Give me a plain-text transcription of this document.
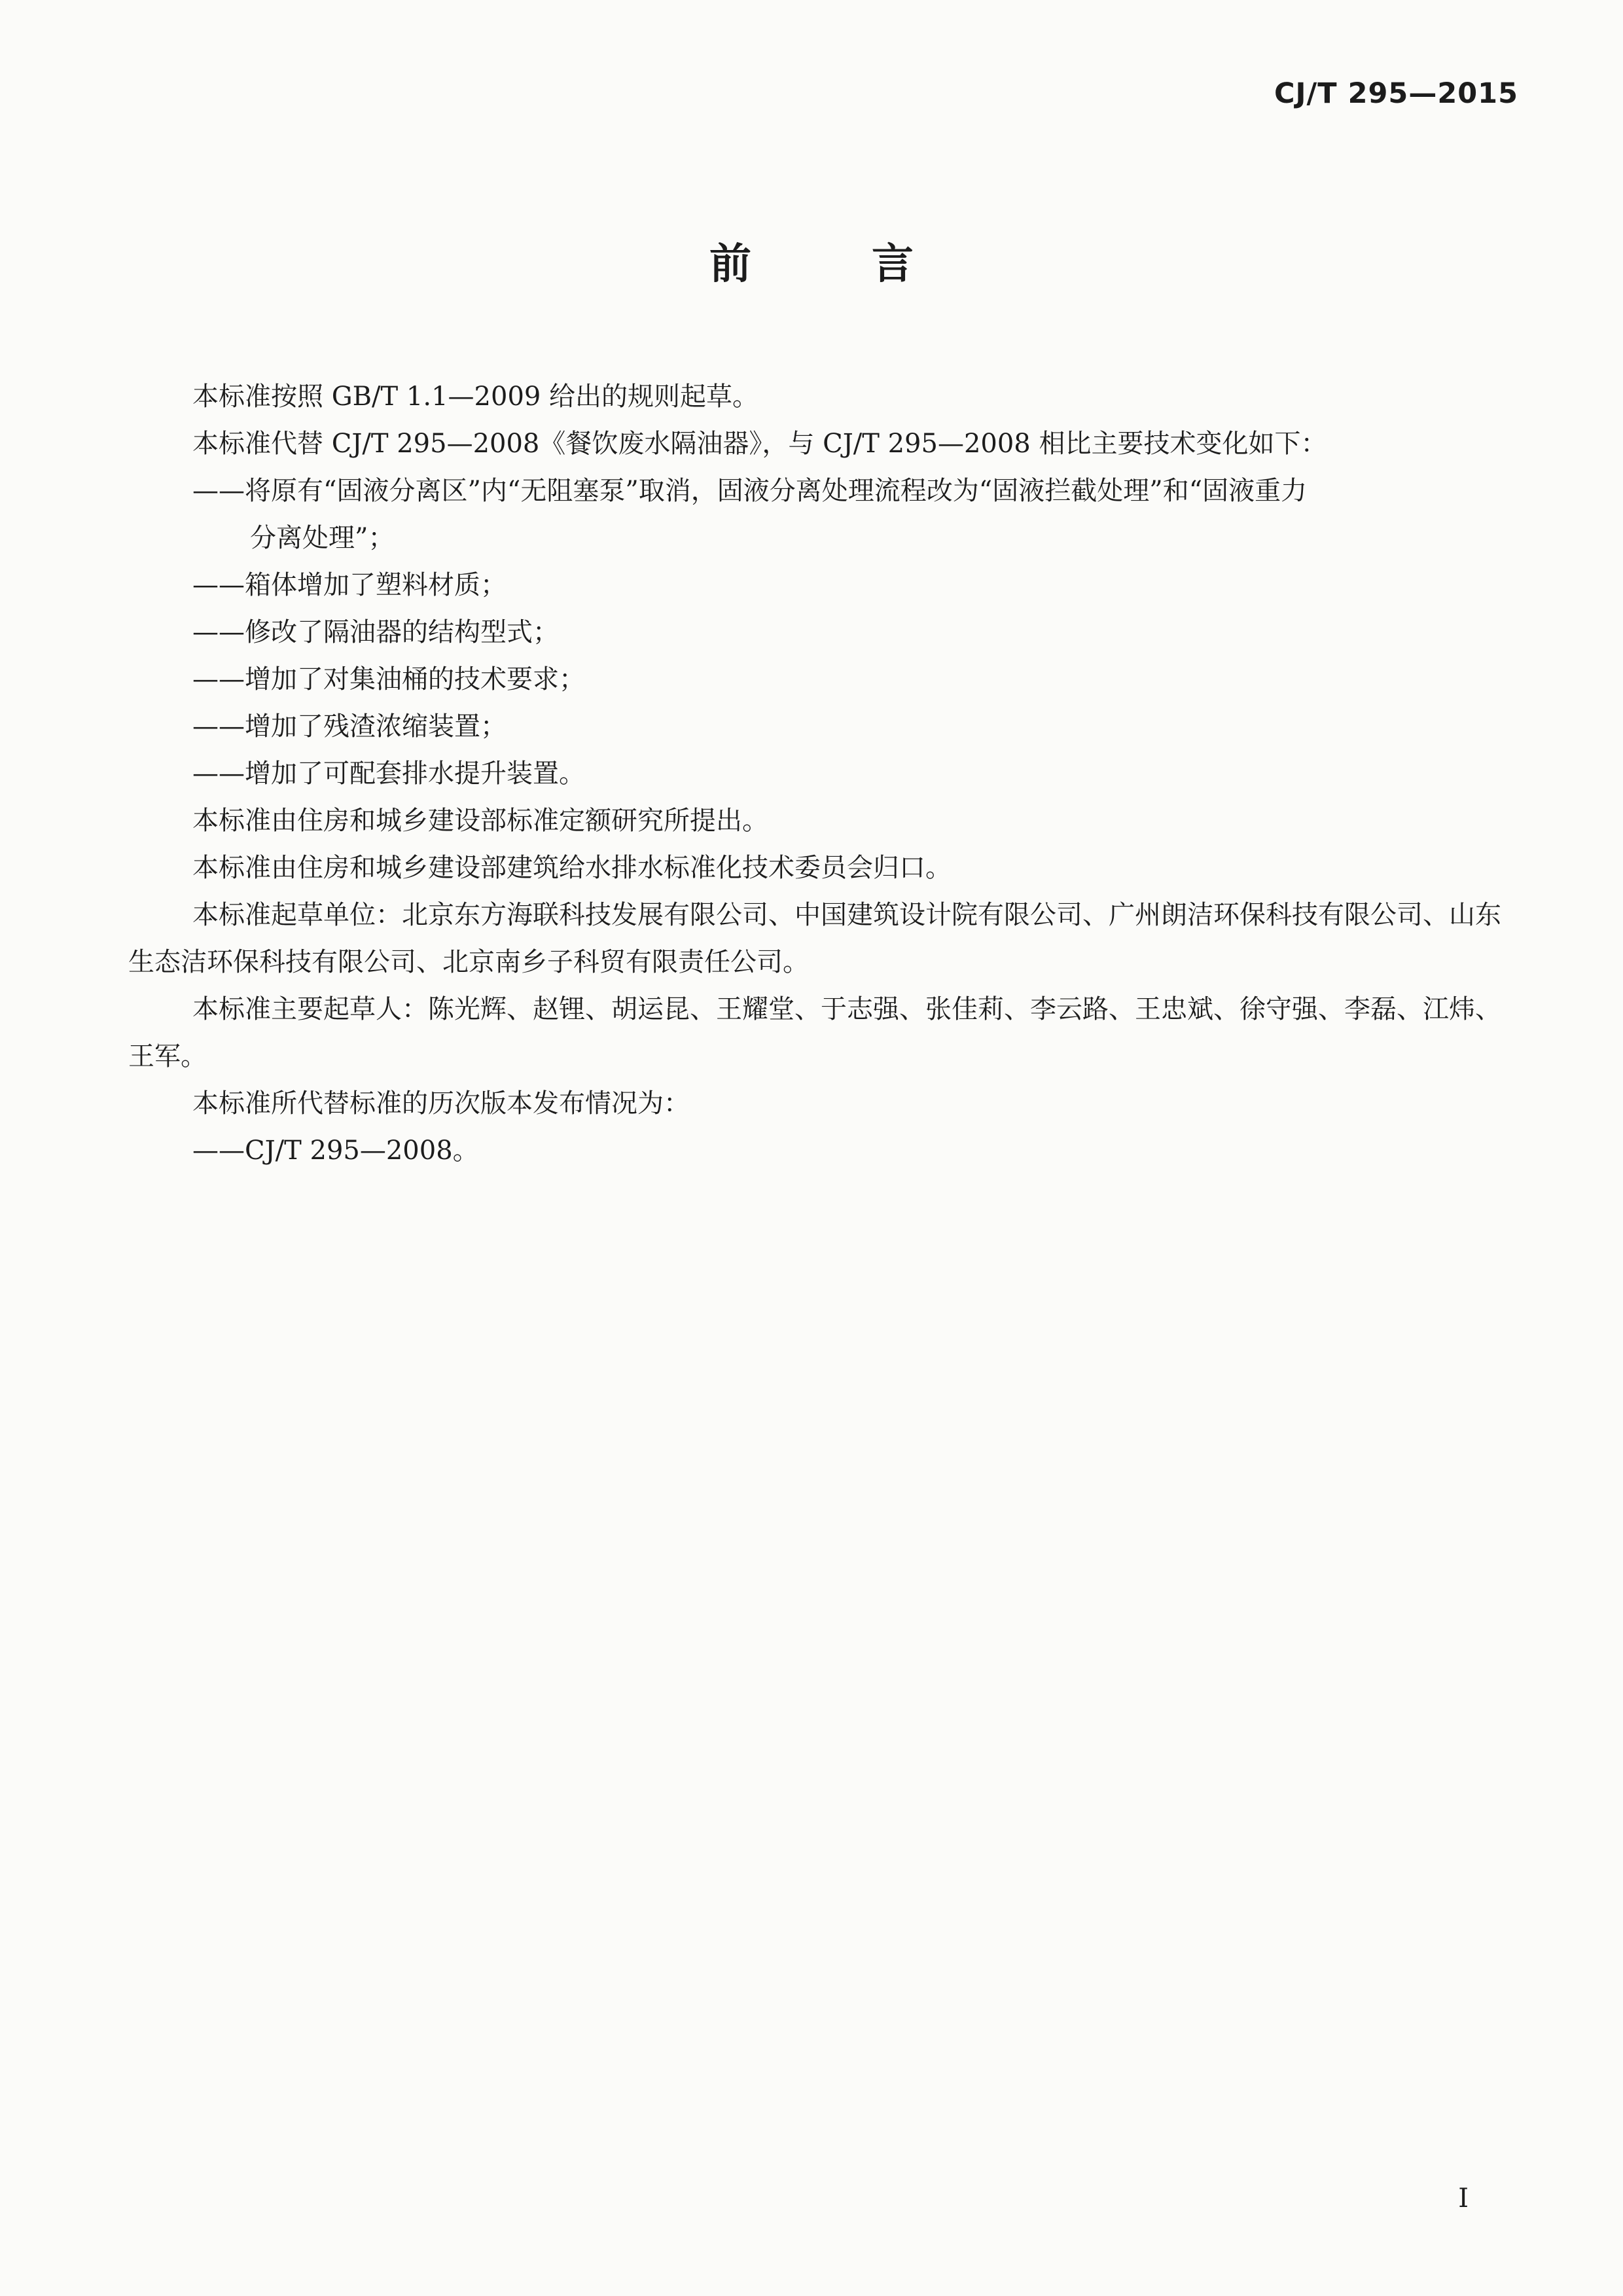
CJ/T 295—2015
前	言

本标准按照 GB/T 1.1—2009 给出的规则起草。

本标准代替 CJ/T 295—2008《餐饮废水隔油器》，与 CJ/T 295—2008 相比主要技术变化如下：

——将原有“固液分离区”内“无阻塞泵”取消，固液分离处理流程改为“固液拦截处理”和“固液重力
分离处理”；

——箱体增加了塑料材质；

——修改了隔油器的结构型式；

——增加了对集油桶的技术要求；

——增加了残渣浓缩装置；

——增加了可配套排水提升装置。

本标准由住房和城乡建设部标准定额研究所提出。

本标准由住房和城乡建设部建筑给水排水标准化技术委员会归口。

本标准起草单位：北京东方海联科技发展有限公司、中国建筑设计院有限公司、广州朗洁环保科技有限公司、山东生态洁环保科技有限公司、北京南乡子科贸有限责任公司。

本标准主要起草人：陈光辉、赵锂、胡运昆、王耀堂、于志强、张佳莉、李云路、王忠斌、徐守强、李磊、江炜、王军。

本标准所代替标准的历次版本发布情况为：

——CJ/T 295—2008。

I
